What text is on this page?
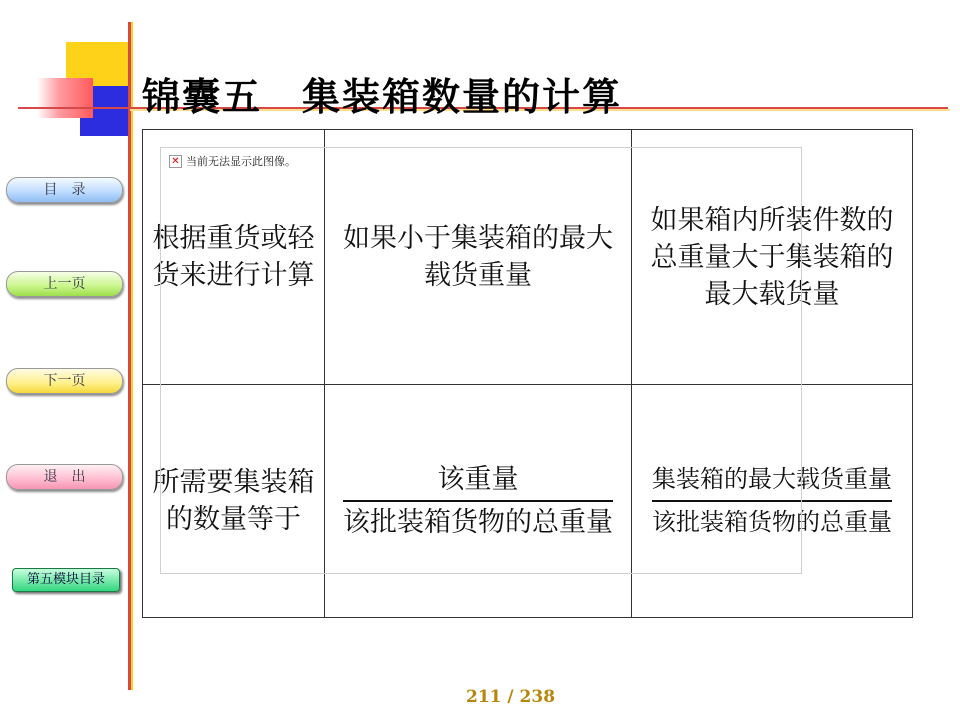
锦囊五　集装箱数量的计算
目　录
上一页
下一页
退　出
第五模块目录
根据重货或轻货来进行计算	如果小于集装箱的最大载货重量	如果箱内所装件数的总重量大于集装箱的最大载货量
所需要集装箱的数量等于	$\frac{\text{该重量}}{\text{该批装箱货物的总重量}}$	$\frac{\text{集装箱的最大载货重量}}{\text{该批装箱货物的总重量}}$
✕ 当前无法显示此图像。
211 / 238
